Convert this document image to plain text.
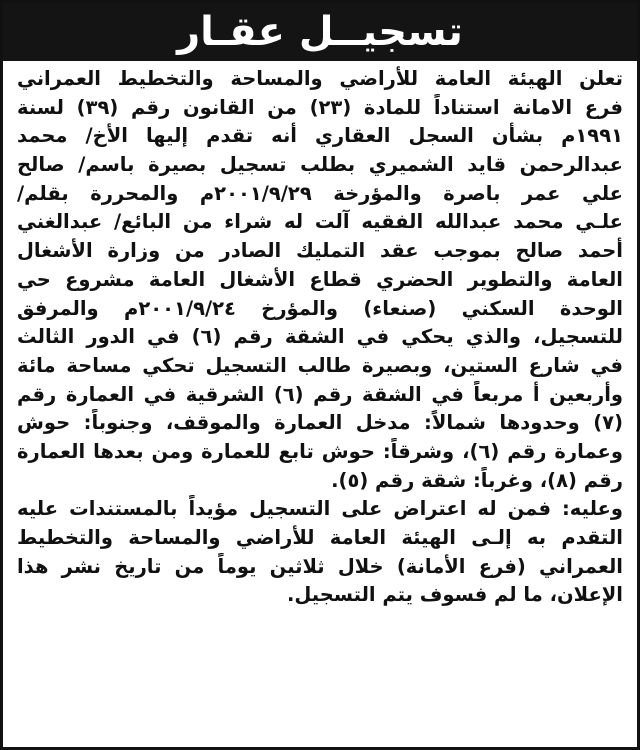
تسجيــل عقـار
تعلن الهيئة العامة للأراضي والمساحة والتخطيط العمراني
فرع الامانة استناداً للمادة (٢٣) من القانون رقم (٣٩) لسنة
١٩٩١م بشأن السجل العقاري أنه تقدم إليها الأخ/ محمد
عبدالرحمن قايد الشميري بطلب تسجيل بصيرة باسم/ صالح
علي عمر باصرة والمؤرخة ٢٠٠١/٩/٢٩م والمحررة بقلم/
علـي محمد عبدالله الفقيه آلت له شراء من البائع/ عبدالغني
أحمد صالح بموجب عقد التمليك الصادر من وزارة الأشغال
العامة والتطوير الحضري قطاع الأشغال العامة مشروع حي
الوحدة السكني (صنعاء) والمؤرخ ٢٠٠١/٩/٢٤م والمرفق
للتسجيل، والذي يحكي في الشقة رقم (٦) في الدور الثالث
في شارع الستين، وبصيرة طالب التسجيل تحكي مساحة مائة
وأربعين أ مربعاً في الشقة رقم (٦) الشرقية في العمارة رقم
(٧) وحدودها شمالاً: مدخل العمارة والموقف، وجنوباً: حوش
وعمارة رقم (٦)، وشرقاً: حوش تابع للعمارة ومن بعدها العمارة
رقم (٨)، وغرباً: شقة رقم (٥).
وعليه: فمن له اعتراض على التسجيل مؤيداً بالمستندات عليه
التقدم به إلـى الهيئة العامة للأراضي والمساحة والتخطيط
العمراني (فرع الأمانة) خلال ثلاثين يوماً من تاريخ نشر هذا
الإعلان، ما لم فسوف يتم التسجيل.
